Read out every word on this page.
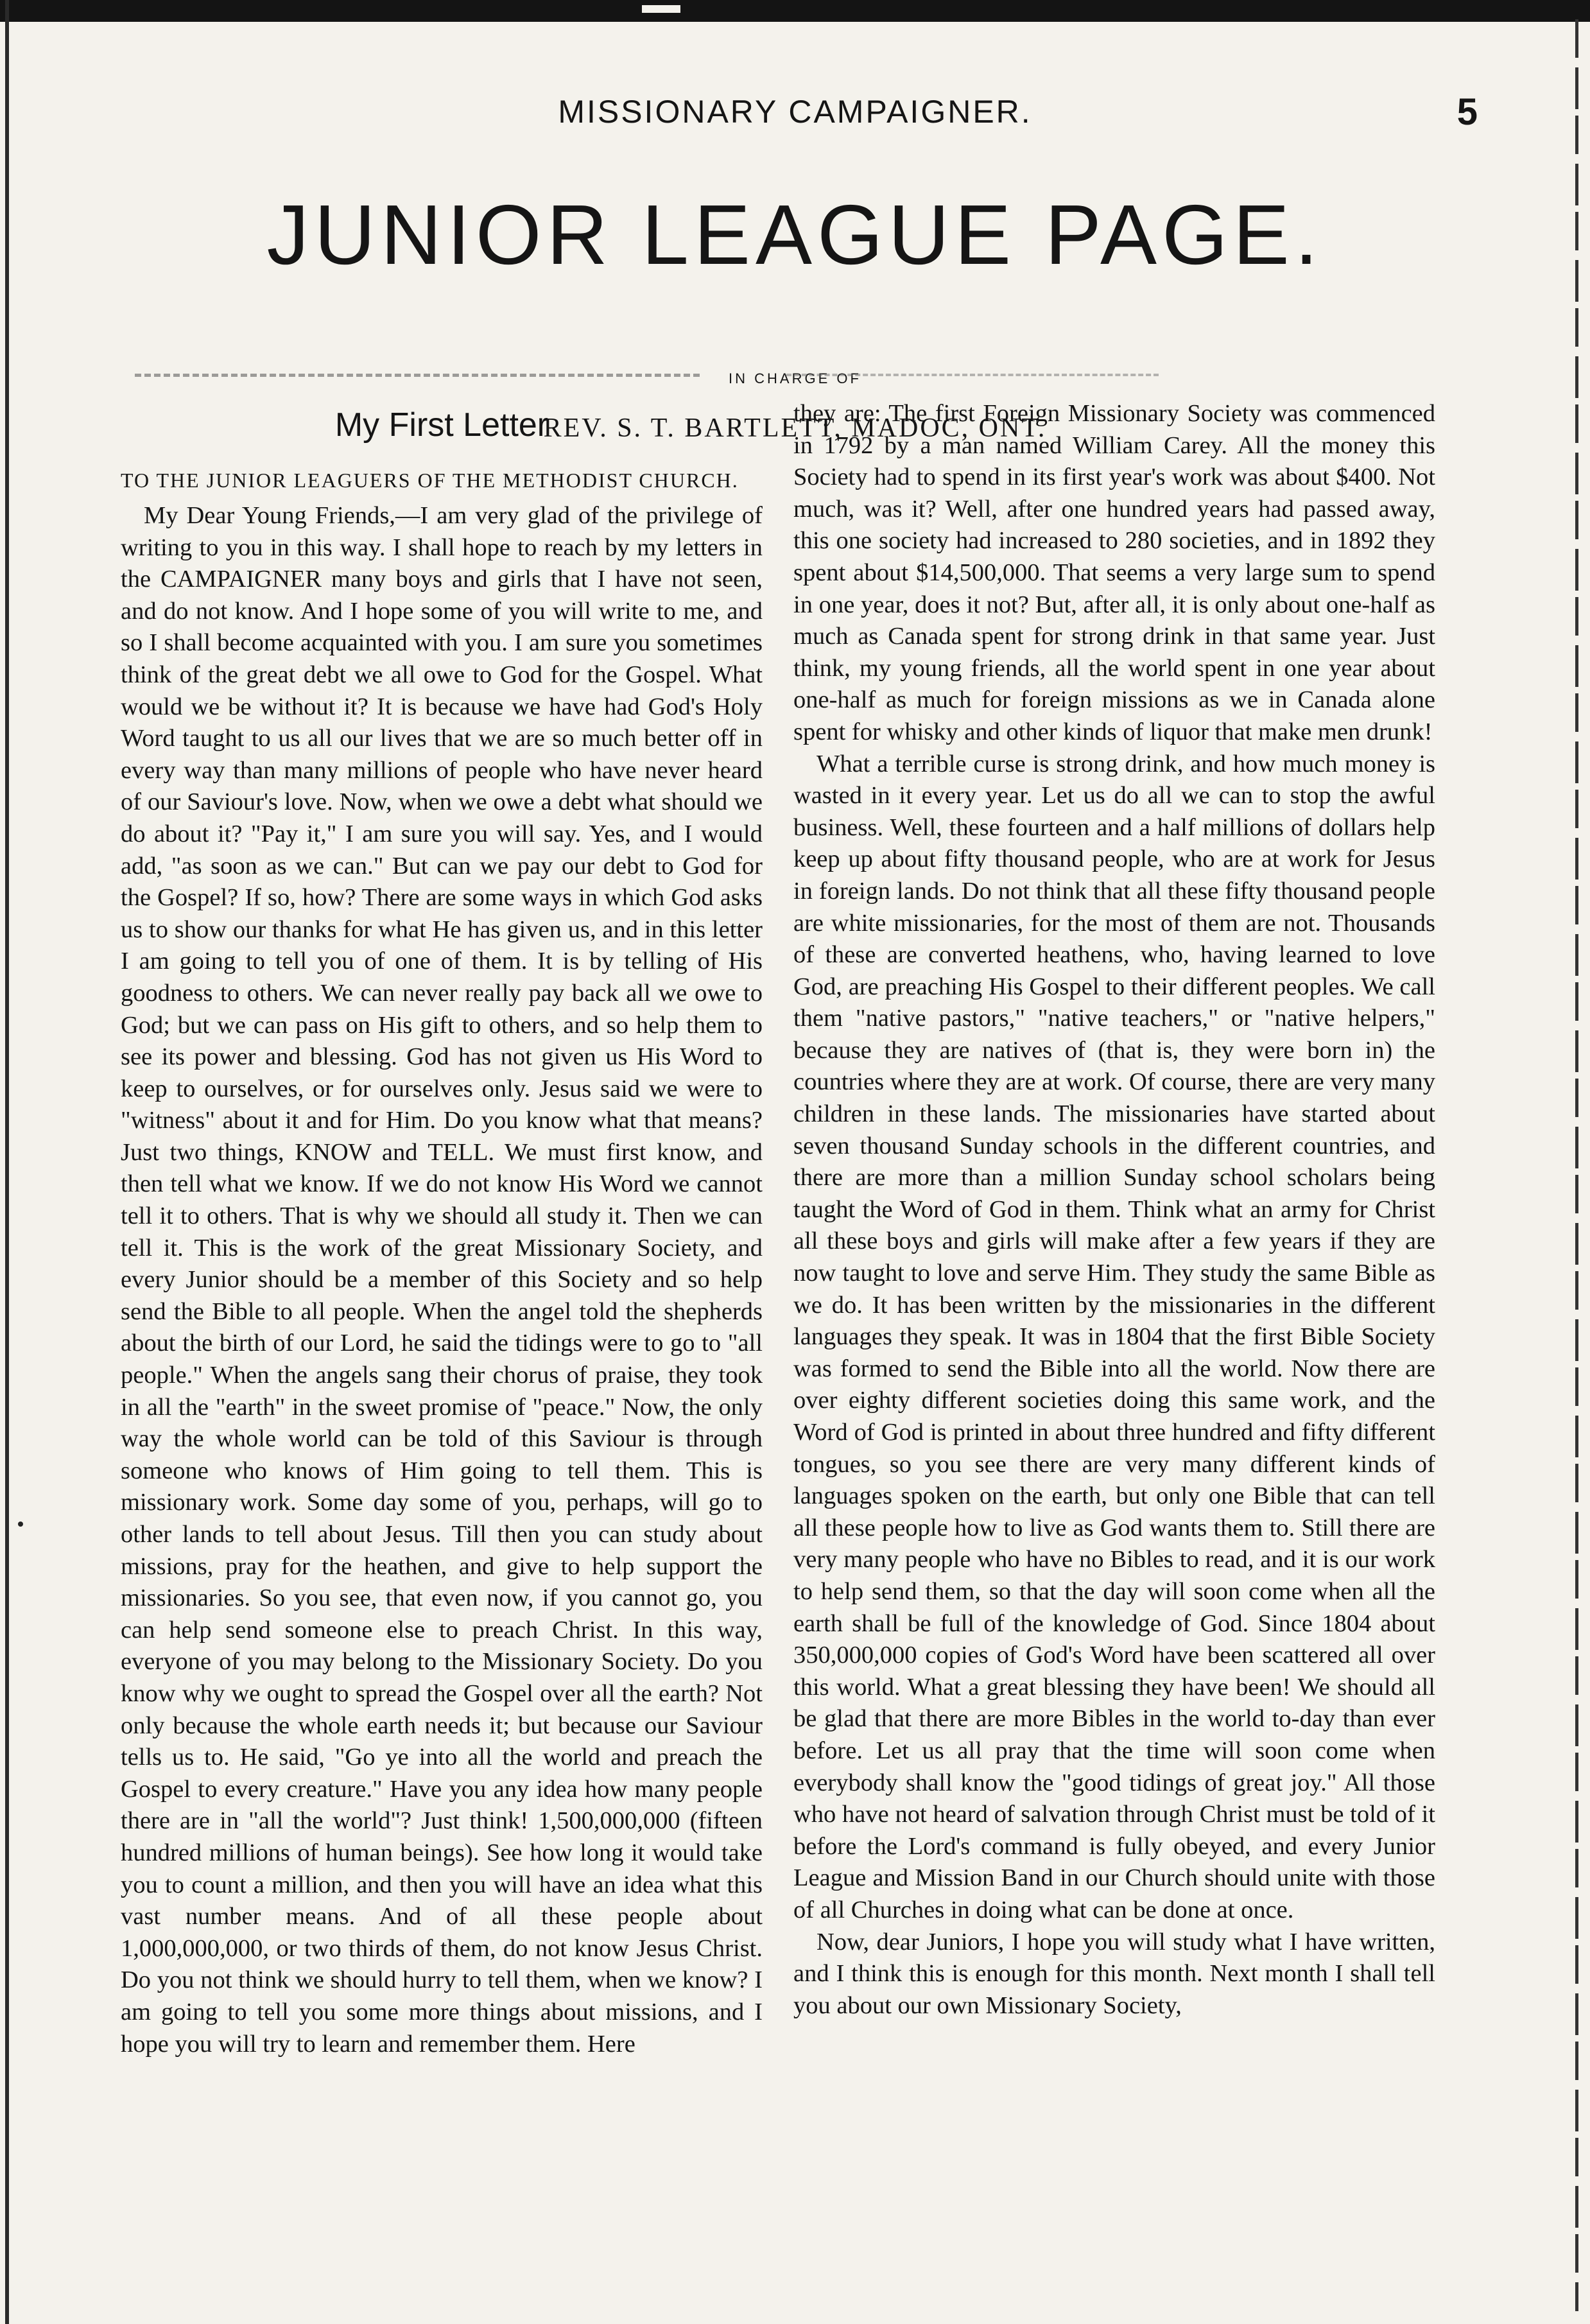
MISSIONARY CAMPAIGNER.	5
JUNIOR LEAGUE PAGE.
IN CHARGE OF
REV. S. T. BARTLETT, MADOC, ONT.
My First Letter
TO THE JUNIOR LEAGUERS OF THE METHODIST CHURCH.

My Dear Young Friends,—I am very glad of the privilege of writing to you in this way. I shall hope to reach by my letters in the CAMPAIGNER many boys and girls that I have not seen, and do not know. And I hope some of you will write to me, and so I shall become acquainted with you. I am sure you sometimes think of the great debt we all owe to God for the Gospel. What would we be without it? It is because we have had God's Holy Word taught to us all our lives that we are so much better off in every way than many millions of people who have never heard of our Saviour's love. Now, when we owe a debt what should we do about it? "Pay it," I am sure you will say. Yes, and I would add, "as soon as we can." But can we pay our debt to God for the Gospel? If so, how? There are some ways in which God asks us to show our thanks for what He has given us, and in this letter I am going to tell you of one of them. It is by telling of His goodness to others. We can never really pay back all we owe to God; but we can pass on His gift to others, and so help them to see its power and blessing. God has not given us His Word to keep to ourselves, or for ourselves only. Jesus said we were to "witness" about it and for Him. Do you know what that means? Just two things, KNOW and TELL. We must first know, and then tell what we know. If we do not know His Word we cannot tell it to others. That is why we should all study it. Then we can tell it. This is the work of the great Missionary Society, and every Junior should be a member of this Society and so help send the Bible to all people. When the angel told the shepherds about the birth of our Lord, he said the tidings were to go to "all people." When the angels sang their chorus of praise, they took in all the "earth" in the sweet promise of "peace." Now, the only way the whole world can be told of this Saviour is through someone who knows of Him going to tell them. This is missionary work. Some day some of you, perhaps, will go to other lands to tell about Jesus. Till then you can study about missions, pray for the heathen, and give to help support the missionaries. So you see, that even now, if you cannot go, you can help send someone else to preach Christ. In this way, everyone of you may belong to the Missionary Society. Do you know why we ought to spread the Gospel over all the earth? Not only because the whole earth needs it; but because our Saviour tells us to. He said, "Go ye into all the world and preach the Gospel to every creature." Have you any idea how many people there are in "all the world"? Just think! 1,500,000,000 (fifteen hundred millions of human beings). See how long it would take you to count a million, and then you will have an idea what this vast number means. And of all these people about 1,000,000,000, or two thirds of them, do not know Jesus Christ. Do you not think we should hurry to tell them, when we know? I am going to tell you some more things about missions, and I hope you will try to learn and remember them. Here

they are: The first Foreign Missionary Society was commenced in 1792 by a man named William Carey. All the money this Society had to spend in its first year's work was about $400. Not much, was it? Well, after one hundred years had passed away, this one society had increased to 280 societies, and in 1892 they spent about $14,500,000. That seems a very large sum to spend in one year, does it not? But, after all, it is only about one-half as much as Canada spent for strong drink in that same year. Just think, my young friends, all the world spent in one year about one-half as much for foreign missions as we in Canada alone spent for whisky and other kinds of liquor that make men drunk!

What a terrible curse is strong drink, and how much money is wasted in it every year. Let us do all we can to stop the awful business. Well, these fourteen and a half millions of dollars help keep up about fifty thousand people, who are at work for Jesus in foreign lands. Do not think that all these fifty thousand people are white missionaries, for the most of them are not. Thousands of these are converted heathens, who, having learned to love God, are preaching His Gospel to their different peoples. We call them "native pastors," "native teachers," or "native helpers," because they are natives of (that is, they were born in) the countries where they are at work. Of course, there are very many children in these lands. The missionaries have started about seven thousand Sunday schools in the different countries, and there are more than a million Sunday school scholars being taught the Word of God in them. Think what an army for Christ all these boys and girls will make after a few years if they are now taught to love and serve Him. They study the same Bible as we do. It has been written by the missionaries in the different languages they speak. It was in 1804 that the first Bible Society was formed to send the Bible into all the world. Now there are over eighty different societies doing this same work, and the Word of God is printed in about three hundred and fifty different tongues, so you see there are very many different kinds of languages spoken on the earth, but only one Bible that can tell all these people how to live as God wants them to. Still there are very many people who have no Bibles to read, and it is our work to help send them, so that the day will soon come when all the earth shall be full of the knowledge of God. Since 1804 about 350,000,000 copies of God's Word have been scattered all over this world. What a great blessing they have been! We should all be glad that there are more Bibles in the world to-day than ever before. Let us all pray that the time will soon come when everybody shall know the "good tidings of great joy." All those who have not heard of salvation through Christ must be told of it before the Lord's command is fully obeyed, and every Junior League and Mission Band in our Church should unite with those of all Churches in doing what can be done at once.

Now, dear Juniors, I hope you will study what I have written, and I think this is enough for this month. Next month I shall tell you about our own Missionary Society,
